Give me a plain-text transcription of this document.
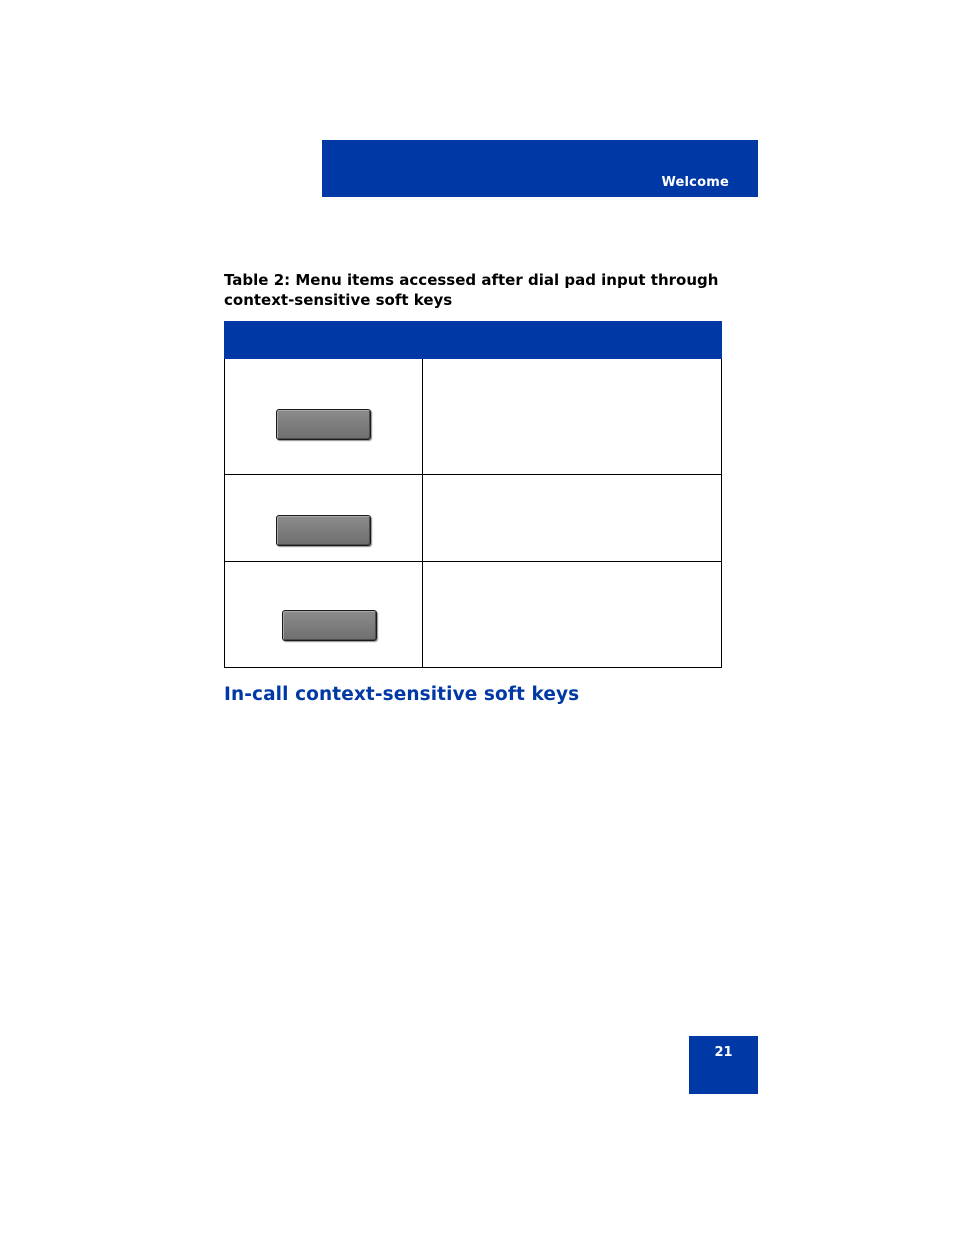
Welcome
Table 2: Menu items accessed after dial pad input through
context-sensitive soft keys

In-call context-sensitive soft keys
21
